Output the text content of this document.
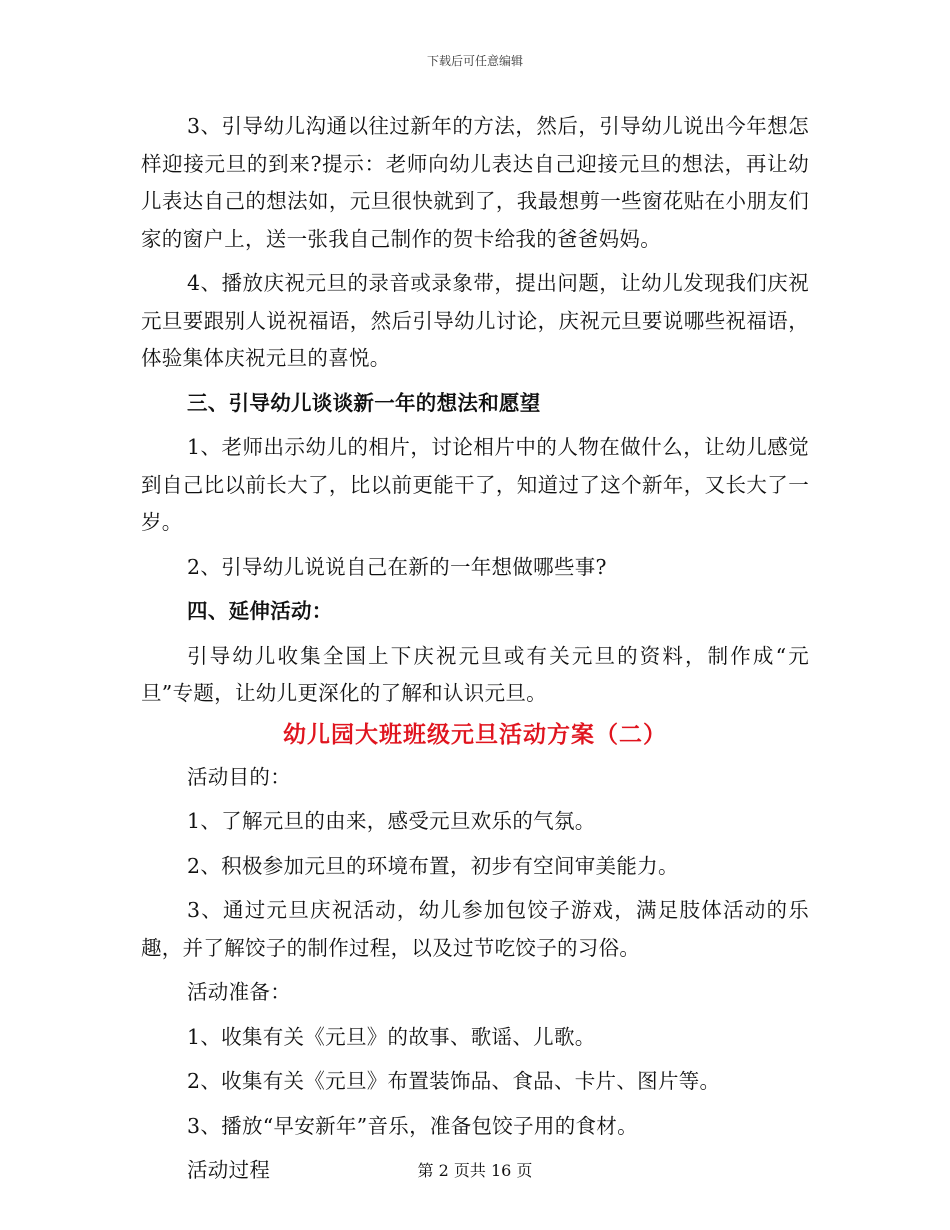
下载后可任意编辑

3、引导幼儿沟通以往过新年的方法，然后，引导幼儿说出今年想怎样迎接元旦的到来?提示：老师向幼儿表达自己迎接元旦的想法，再让幼儿表达自己的想法如，元旦很快就到了，我最想剪一些窗花贴在小朋友们家的窗户上，送一张我自己制作的贺卡给我的爸爸妈妈。

4、播放庆祝元旦的录音或录象带，提出问题，让幼儿发现我们庆祝元旦要跟别人说祝福语，然后引导幼儿讨论，庆祝元旦要说哪些祝福语，体验集体庆祝元旦的喜悦。

三、引导幼儿谈谈新一年的想法和愿望

1、老师出示幼儿的相片，讨论相片中的人物在做什么，让幼儿感觉到自己比以前长大了，比以前更能干了，知道过了这个新年，又长大了一岁。

2、引导幼儿说说自己在新的一年想做哪些事?

四、延伸活动：

引导幼儿收集全国上下庆祝元旦或有关元旦的资料，制作成“元旦”专题，让幼儿更深化的了解和认识元旦。

幼儿园大班班级元旦活动方案（二）

活动目的：

1、了解元旦的由来，感受元旦欢乐的气氛。

2、积极参加元旦的环境布置，初步有空间审美能力。

3、通过元旦庆祝活动，幼儿参加包饺子游戏，满足肢体活动的乐趣，并了解饺子的制作过程，以及过节吃饺子的习俗。

活动准备：

1、收集有关《元旦》的故事、歌谣、儿歌。

2、收集有关《元旦》布置装饰品、食品、卡片、图片等。

3、播放“早安新年”音乐，准备包饺子用的食材。

活动过程	第 2 页共 16 页
